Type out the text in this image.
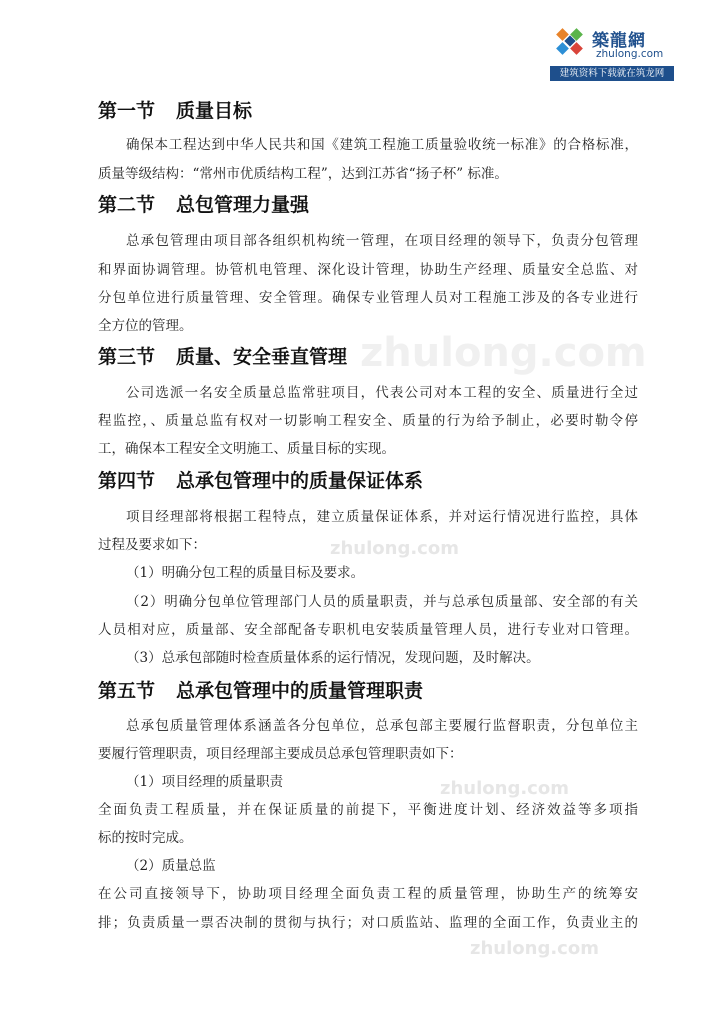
築龍網
zhulong.com
建筑资料下载就在筑龙网
zhulong.com
zhulong.com
zhulong.com
zhulong.com
第一节 质量目标

确保本工程达到中华人民共和国《建筑工程施工质量验收统一标准》的合格标准，

质量等级结构：“常州市优质结构工程”，达到江苏省“扬子杯” 标准。

第二节 总包管理力量强

总承包管理由项目部各组织机构统一管理，在项目经理的领导下，负责分包管理

和界面协调管理。协管机电管理、深化设计管理，协助生产经理、质量安全总监、对

分包单位进行质量管理、安全管理。确保专业管理人员对工程施工涉及的各专业进行

全方位的管理。

第三节 质量、安全垂直管理

公司选派一名安全质量总监常驻项目，代表公司对本工程的安全、质量进行全过

程监控，、质量总监有权对一切影响工程安全、质量的行为给予制止，必要时勒令停

工，确保本工程安全文明施工、质量目标的实现。

第四节 总承包管理中的质量保证体系

项目经理部将根据工程特点，建立质量保证体系，并对运行情况进行监控，具体

过程及要求如下：

（1）明确分包工程的质量目标及要求。

（2）明确分包单位管理部门人员的质量职责，并与总承包质量部、安全部的有关

人员相对应，质量部、安全部配备专职机电安装质量管理人员，进行专业对口管理。

（3）总承包部随时检查质量体系的运行情况，发现问题，及时解决。

第五节 总承包管理中的质量管理职责

总承包质量管理体系涵盖各分包单位，总承包部主要履行监督职责，分包单位主

要履行管理职责，项目经理部主要成员总承包管理职责如下：

（1）项目经理的质量职责

全面负责工程质量，并在保证质量的前提下，平衡进度计划、经济效益等多项指

标的按时完成。

（2）质量总监

在公司直接领导下，协助项目经理全面负责工程的质量管理，协助生产的统筹安

排；负责质量一票否决制的贯彻与执行；对口质监站、监理的全面工作，负责业主的
